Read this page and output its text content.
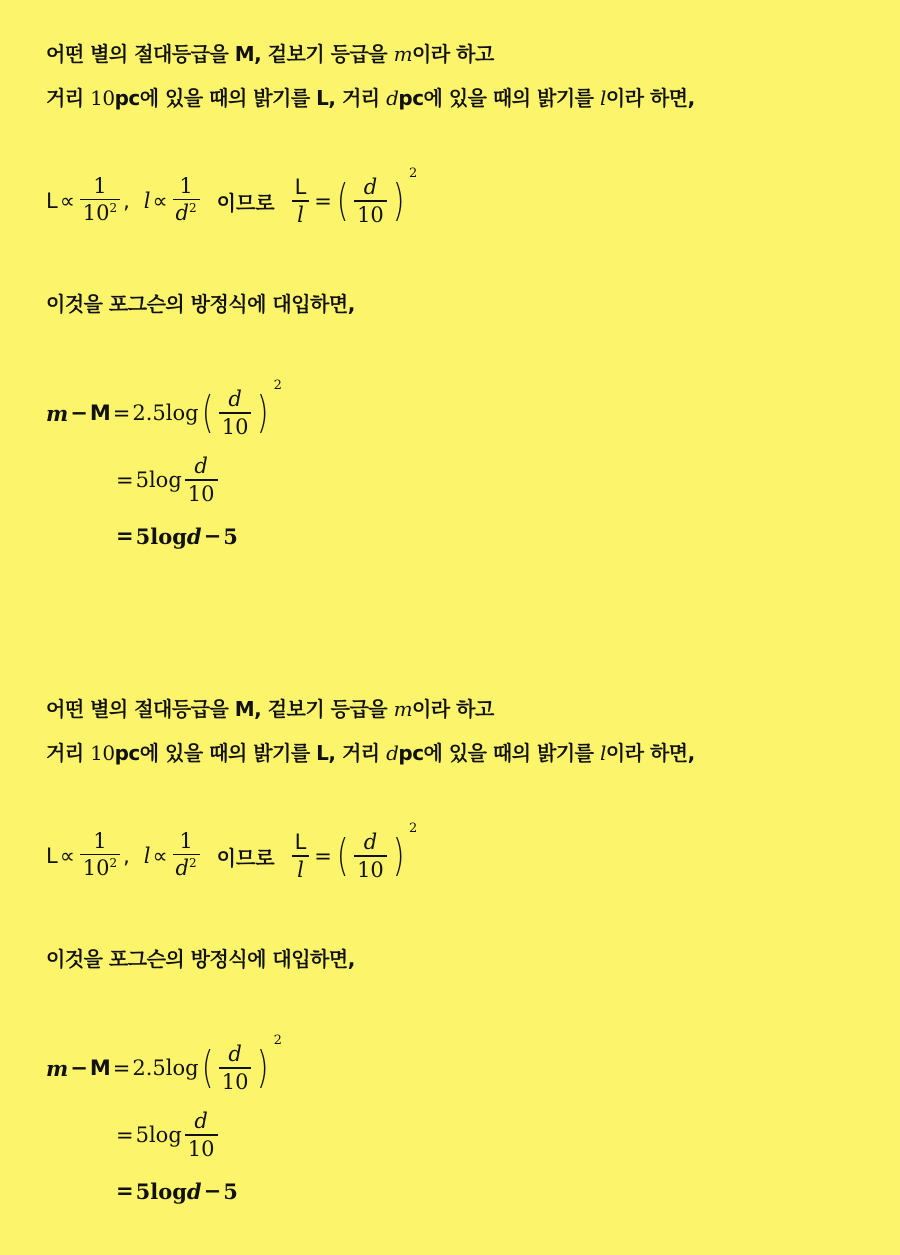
어떤 별의 절대등급을 M, 겉보기 등급을 m이라 하고
거리 10pc에 있을 때의 밝기를 L, 거리 dpc에 있을 때의 밝기를 l이라 하면,
$L \propto \frac{1}{10^2}$ , $l \propto \frac{1}{d^2}$ 이므로 $\frac{L}{l}$ = ( $\frac{d}{10}$ )
2
이것을 포그슨의 방정식에 대입하면,
m − M = 2.5log ( $\frac{d}{10}$ )
2
= $5\log \frac{d}{10}$
= 5 log d − 5
어떤 별의 절대등급을 M, 겉보기 등급을 m이라 하고
거리 10pc에 있을 때의 밝기를 L, 거리 dpc에 있을 때의 밝기를 l이라 하면,
$L \propto \frac{1}{10^2}$ , $l \propto \frac{1}{d^2}$ 이므로 $\frac{L}{l}$ = ( $\frac{d}{10}$ )
2
이것을 포그슨의 방정식에 대입하면,
m − M = 2.5log ( $\frac{d}{10}$ )
2
= $5\log \frac{d}{10}$
= 5 log d − 5
